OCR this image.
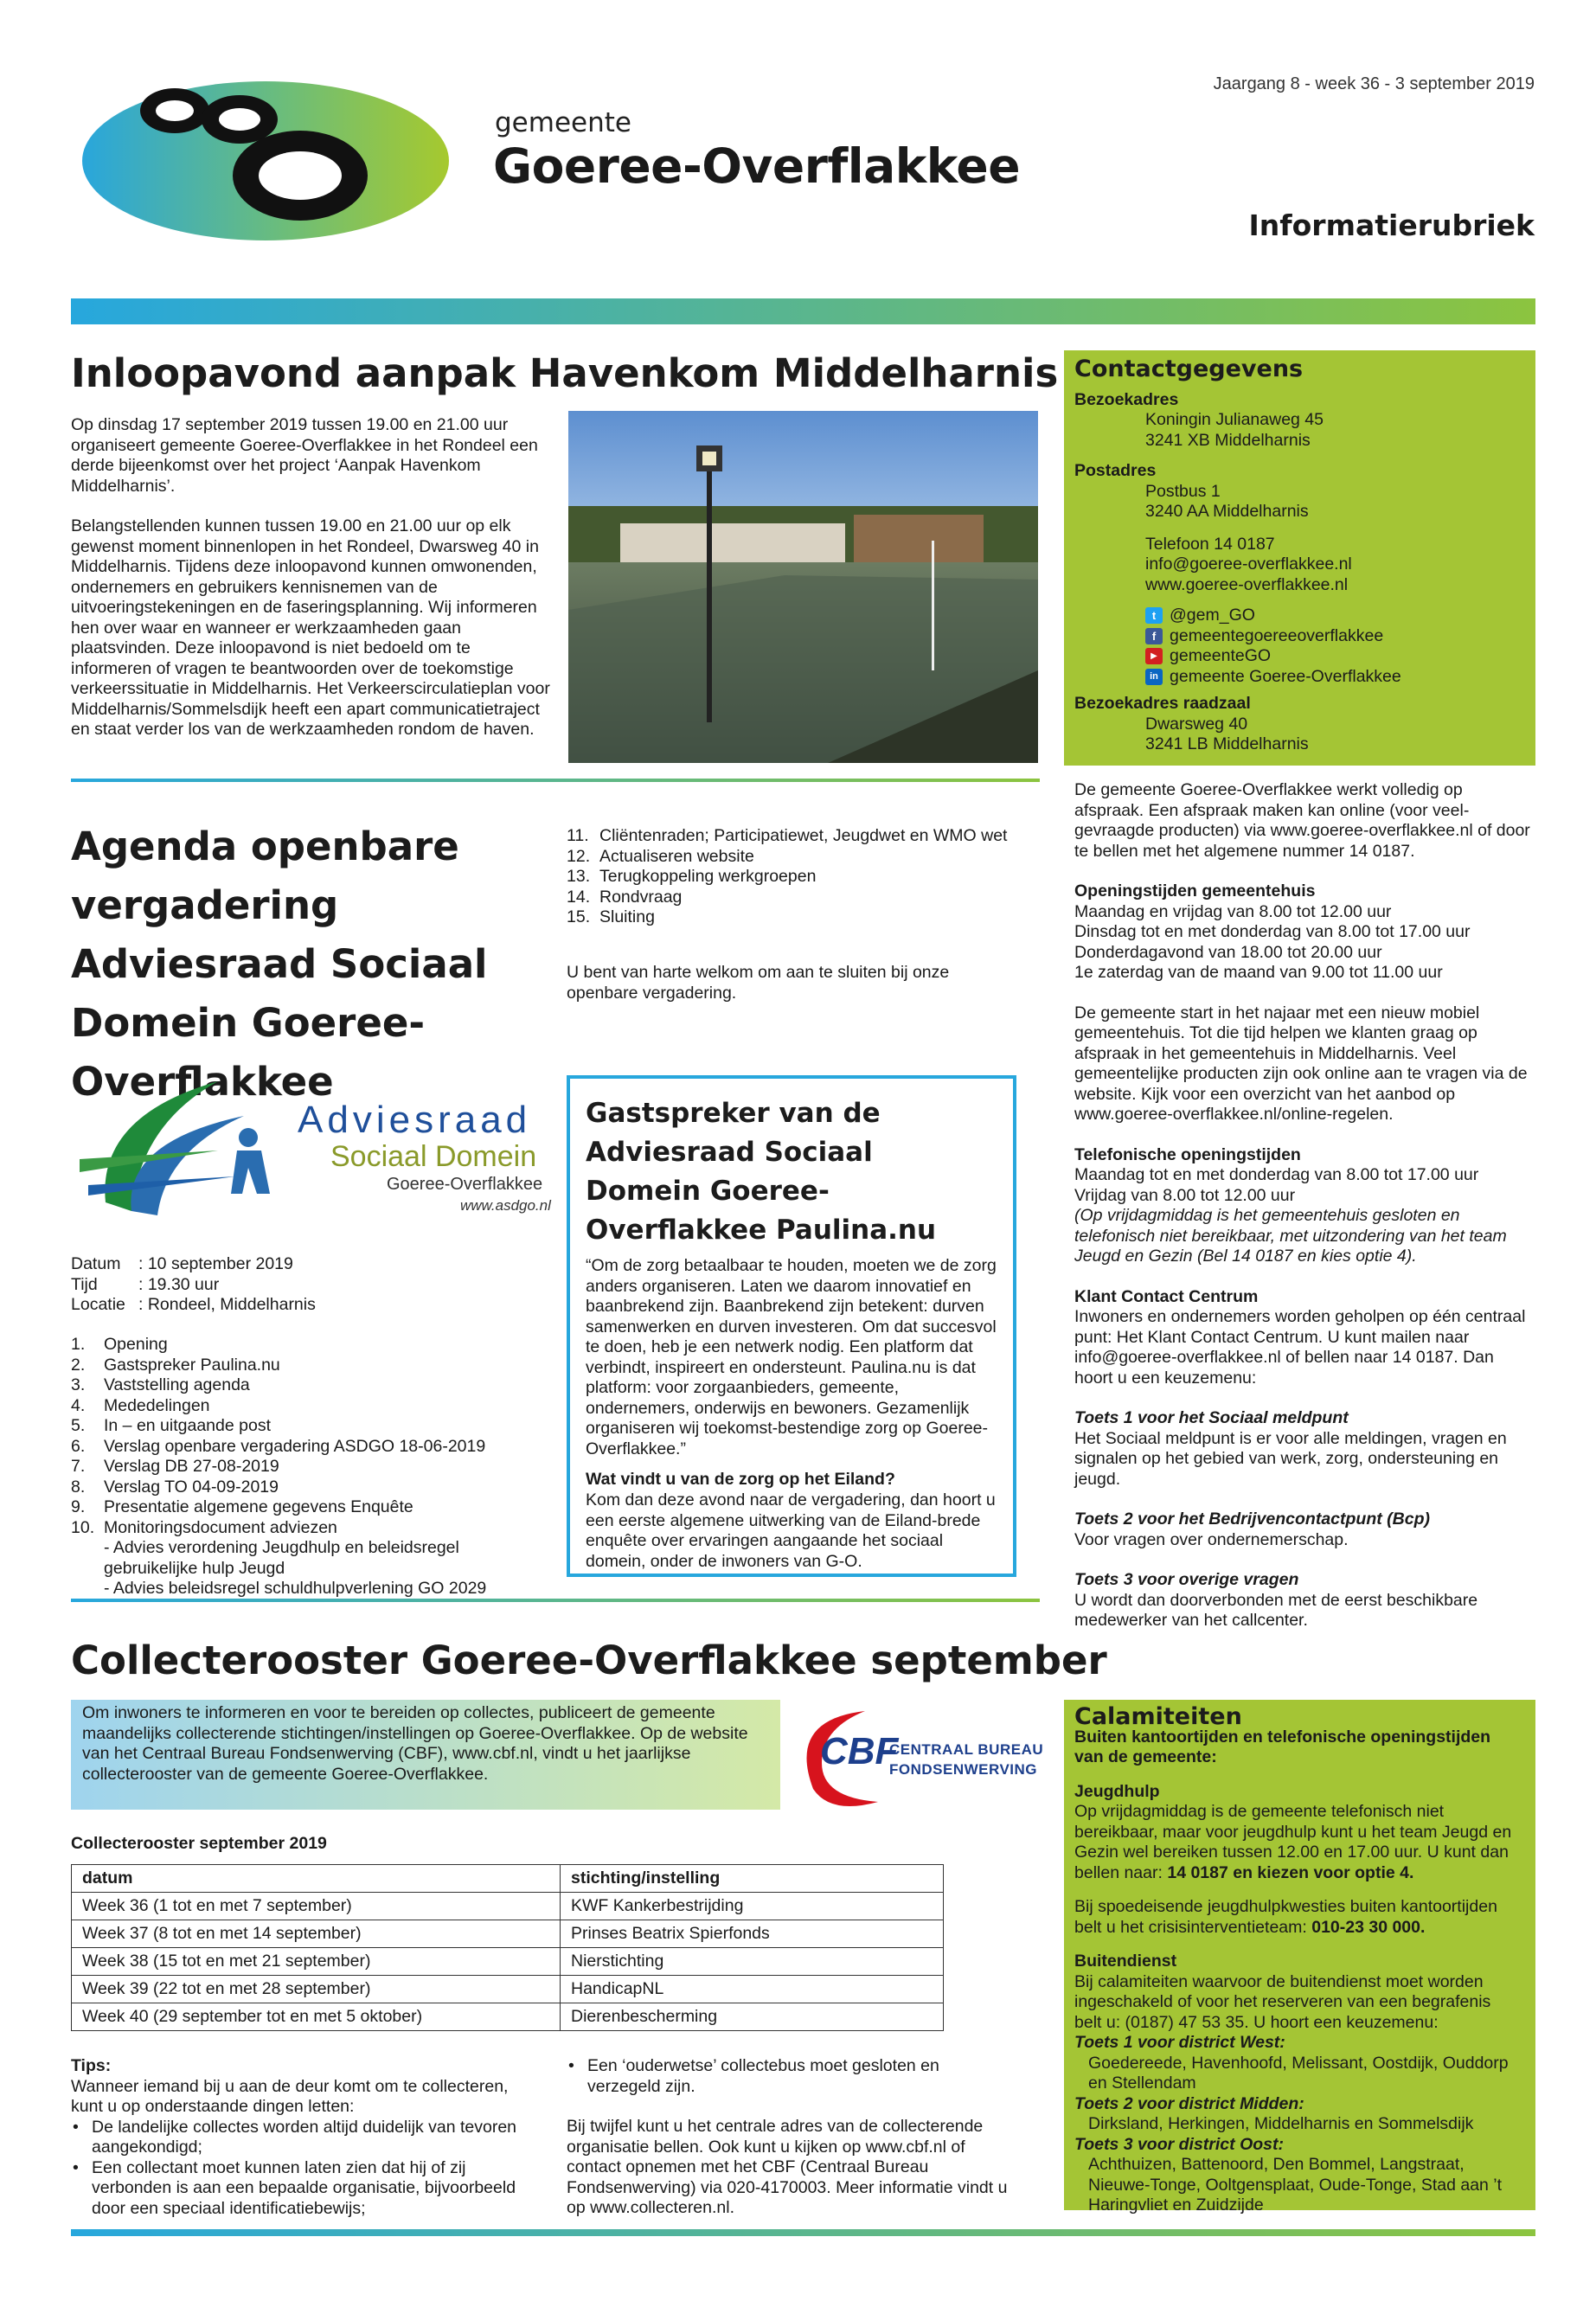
gemeente
Goeree-Overflakkee
Jaargang 8 - week 36 - 3 september 2019
Informatierubriek
Inloopavond aanpak Havenkom Middelharnis

Op dinsdag 17 september 2019 tussen 19.00 en 21.00 uur organiseert gemeente Goeree-Overflakkee in het Rondeel een derde bijeenkomst over het project ‘Aanpak Havenkom Middelharnis’.

Belangstellenden kunnen tussen 19.00 en 21.00 uur op elk gewenst moment binnenlopen in het Rondeel, Dwarsweg 40 in Middelharnis. Tijdens deze inloopavond kunnen omwonenden, ondernemers en gebruikers kennisnemen van de uitvoeringstekeningen en de faseringsplanning. Wij informeren hen over waar en wanneer er werkzaamheden gaan plaatsvinden. Deze inloopavond is niet bedoeld om te informeren of vragen te beantwoorden over de toekomstige verkeerssituatie in Middelharnis. Het Verkeerscirculatieplan voor Middelharnis/Sommelsdijk heeft een apart communicatietraject en staat verder los van de werkzaamheden rondom de haven.

Agenda openbare vergadering Adviesraad Sociaal Domein Goeree-Overflakkee
Adviesraad
Sociaal Domein
Goeree-Overflakkee
www.asdgo.nl
Datum : 10 september 2019
Tijd : 19.30 uur
Locatie : Rondeel, Middelharnis
1. Opening
2. Gastspreker Paulina.nu
3. Vaststelling agenda
4. Mededelingen
5. In – en uitgaande post
6. Verslag openbare vergadering ASDGO 18-06-2019
7. Verslag DB 27-08-2019
8. Verslag TO 04-09-2019
9. Presentatie algemene gegevens Enquête
10. Monitoringsdocument adviezen
- Advies verordening Jeugdhulp en beleidsregel
gebruikelijke hulp Jeugd
- Advies beleidsregel schuldhulpverlening GO 2029
11. Cliëntenraden; Participatiewet, Jeugdwet en WMO wet
12. Actualiseren website
13. Terugkoppeling werkgroepen
14. Rondvraag
15. Sluiting

U bent van harte welkom om aan te sluiten bij onze openbare vergadering.

Gastspreker van de Adviesraad Sociaal Domein Goeree-Overflakkee Paulina.nu

“Om de zorg betaalbaar te houden, moeten we de zorg anders organiseren. Laten we daarom innovatief en baanbrekend zijn. Baanbrekend zijn betekent: durven samenwerken en durven investeren. Om dat succesvol te doen, heb je een netwerk nodig. Een platform dat verbindt, inspireert en ondersteunt. Paulina.nu is dat platform: voor zorgaanbieders, gemeente, ondernemers, onderwijs en bewoners. Gezamenlijk organiseren wij toekomst-bestendige zorg op Goeree-Overflakkee.”

Wat vindt u van de zorg op het Eiland?

Kom dan deze avond naar de vergadering, dan hoort u een eerste algemene uitwerking van de Eiland-brede enquête over ervaringen aangaande het sociaal domein, onder de inwoners van G-O.

Collecterooster Goeree-Overflakkee september

Om inwoners te informeren en voor te bereiden op collectes, publiceert de gemeente maandelijks collecterende stichtingen/instellingen op Goeree-Overflakkee. Op de website van het Centraal Bureau Fondsenwerving (CBF), www.cbf.nl, vindt u het jaarlijkse collecterooster van de gemeente Goeree-Overflakkee.

CBF
CENTRAAL BUREAU
FONDSENWERVING
Collecterooster september 2019
datum	stichting/instelling
Week 36 (1 tot en met 7 september)	KWF Kankerbestrijding
Week 37 (8 tot en met 14 september)	Prinses Beatrix Spierfonds
Week 38 (15 tot en met 21 september)	Nierstichting
Week 39 (22 tot en met 28 september)	HandicapNL
Week 40 (29 september tot en met 5 oktober)	Dierenbescherming

Tips:

Wanneer iemand bij u aan de deur komt om te collecteren, kunt u op onderstaande dingen letten:

• De landelijke collectes worden altijd duidelijk van tevoren aangekondigd;
• Een collectant moet kunnen laten zien dat hij of zij verbonden is aan een bepaalde organisatie, bijvoorbeeld door een speciaal identificatiebewijs;
• Een ‘ouderwetse’ collectebus moet gesloten en verzegeld zijn.

Bij twijfel kunt u het centrale adres van de collecterende organisatie bellen. Ook kunt u kijken op www.cbf.nl of contact opnemen met het CBF (Centraal Bureau Fondsenwerving) via 020-4170003. Meer informatie vindt u op www.collecteren.nl.

Contactgegevens

Bezoekadres

Koningin Julianaweg 45
3241 XB Middelharnis

Postadres

Postbus 1
3240 AA Middelharnis

Telefoon 14 0187
info@goeree-overflakkee.nl
www.goeree-overflakkee.nl

t @gem_GO
f gemeentegoereeoverflakkee
▶ gemeenteGO
in gemeente Goeree-Overflakkee

Bezoekadres raadzaal

Dwarsweg 40
3241 LB Middelharnis

De gemeente Goeree-Overflakkee werkt volledig op afspraak. Een afspraak maken kan online (voor veel-gevraagde producten) via www.goeree-overflakkee.nl of door te bellen met het algemene nummer 14 0187.

Openingstijden gemeentehuis

Maandag en vrijdag van 8.00 tot 12.00 uur
Dinsdag tot en met donderdag van 8.00 tot 17.00 uur
Donderdagavond van 18.00 tot 20.00 uur
1e zaterdag van de maand van 9.00 tot 11.00 uur

De gemeente start in het najaar met een nieuw mobiel gemeentehuis. Tot die tijd helpen we klanten graag op afspraak in het gemeentehuis in Middelharnis. Veel gemeentelijke producten zijn ook online aan te vragen via de website. Kijk voor een overzicht van het aanbod op www.goeree-overflakkee.nl/online-regelen.

Telefonische openingstijden

Maandag tot en met donderdag van 8.00 tot 17.00 uur
Vrijdag van 8.00 tot 12.00 uur

(Op vrijdagmiddag is het gemeentehuis gesloten en telefonisch niet bereikbaar, met uitzondering van het team Jeugd en Gezin (Bel 14 0187 en kies optie 4).

Klant Contact Centrum

Inwoners en ondernemers worden geholpen op één centraal punt: Het Klant Contact Centrum. U kunt mailen naar info@goeree-overflakkee.nl of bellen naar 14 0187. Dan hoort u een keuzemenu:

Toets 1 voor het Sociaal meldpunt

Het Sociaal meldpunt is er voor alle meldingen, vragen en signalen op het gebied van werk, zorg, ondersteuning en jeugd.

Toets 2 voor het Bedrijvencontactpunt (Bcp)

Voor vragen over ondernemerschap.

Toets 3 voor overige vragen

U wordt dan doorverbonden met de eerst beschikbare medewerker van het callcenter.

Calamiteiten

Buiten kantoortijden en telefonische openingstijden van de gemeente:

Jeugdhulp

Op vrijdagmiddag is de gemeente telefonisch niet bereikbaar, maar voor jeugdhulp kunt u het team Jeugd en Gezin wel bereiken tussen 12.00 en 17.00 uur. U kunt dan bellen naar: 14 0187 en kiezen voor optie 4.

Bij spoedeisende jeugdhulpkwesties buiten kantoortijden belt u het crisisinterventieteam: 010-23 30 000.

Buitendienst

Bij calamiteiten waarvoor de buitendienst moet worden ingeschakeld of voor het reserveren van een begrafenis belt u: (0187) 47 53 35. U hoort een keuzemenu:

Toets 1 voor district West:

Goedereede, Havenhoofd, Melissant, Oostdijk, Ouddorp en Stellendam

Toets 2 voor district Midden:

Dirksland, Herkingen, Middelharnis en Sommelsdijk

Toets 3 voor district Oost:

Achthuizen, Battenoord, Den Bommel, Langstraat, Nieuwe-Tonge, Ooltgensplaat, Oude-Tonge, Stad aan ’t Haringvliet en Zuidzijde
